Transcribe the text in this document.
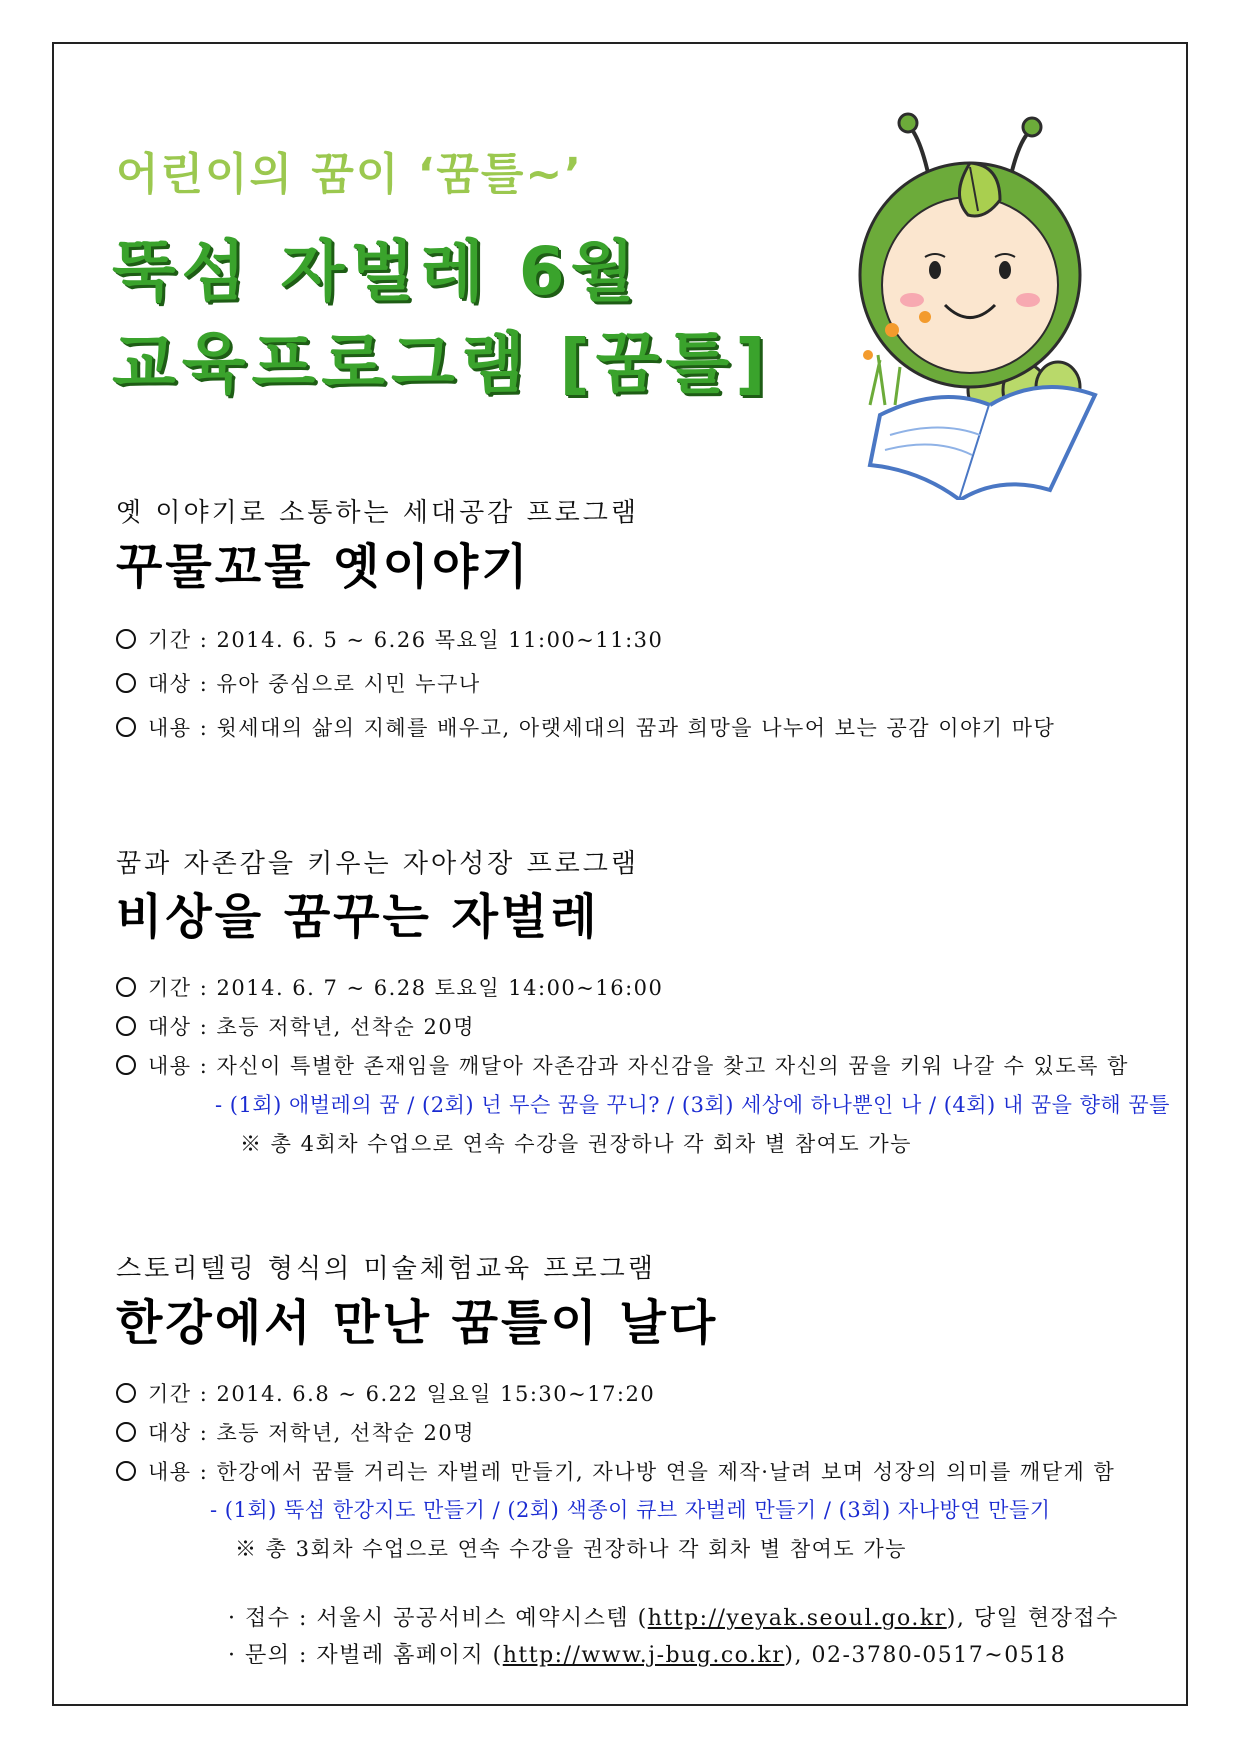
어린이의 꿈이 ‘꿈틀~’
뚝섬 자벌레 6월
교육프로그램 [꿈틀]
옛 이야기로 소통하는 세대공감 프로그램
꾸물꼬물 옛이야기
기간 : 2014. 6. 5 ~ 6.26 목요일 11:00~11:30
대상 : 유아 중심으로 시민 누구나
내용 : 윗세대의 삶의 지혜를 배우고, 아랫세대의 꿈과 희망을 나누어 보는 공감 이야기 마당
꿈과 자존감을 키우는 자아성장 프로그램
비상을 꿈꾸는 자벌레
기간 : 2014. 6. 7 ~ 6.28 토요일 14:00~16:00
대상 : 초등 저학년, 선착순 20명
내용 : 자신이 특별한 존재임을 깨달아 자존감과 자신감을 찾고 자신의 꿈을 키워 나갈 수 있도록 함
- (1회) 애벌레의 꿈 / (2회) 넌 무슨 꿈을 꾸니? / (3회) 세상에 하나뿐인 나 / (4회) 내 꿈을 향해 꿈틀
※ 총 4회차 수업으로 연속 수강을 권장하나 각 회차 별 참여도 가능
스토리텔링 형식의 미술체험교육 프로그램
한강에서 만난 꿈틀이 날다
기간 : 2014. 6.8 ~ 6.22 일요일 15:30~17:20
대상 : 초등 저학년, 선착순 20명
내용 : 한강에서 꿈틀 거리는 자벌레 만들기, 자나방 연을 제작·날려 보며 성장의 의미를 깨닫게 함
- (1회) 뚝섬 한강지도 만들기 / (2회) 색종이 큐브 자벌레 만들기 / (3회) 자나방연 만들기
※ 총 3회차 수업으로 연속 수강을 권장하나 각 회차 별 참여도 가능
· 접수 : 서울시 공공서비스 예약시스템 (http://yeyak.seoul.go.kr), 당일 현장접수
· 문의 : 자벌레 홈페이지 (http://www.j-bug.co.kr), 02-3780-0517~0518
